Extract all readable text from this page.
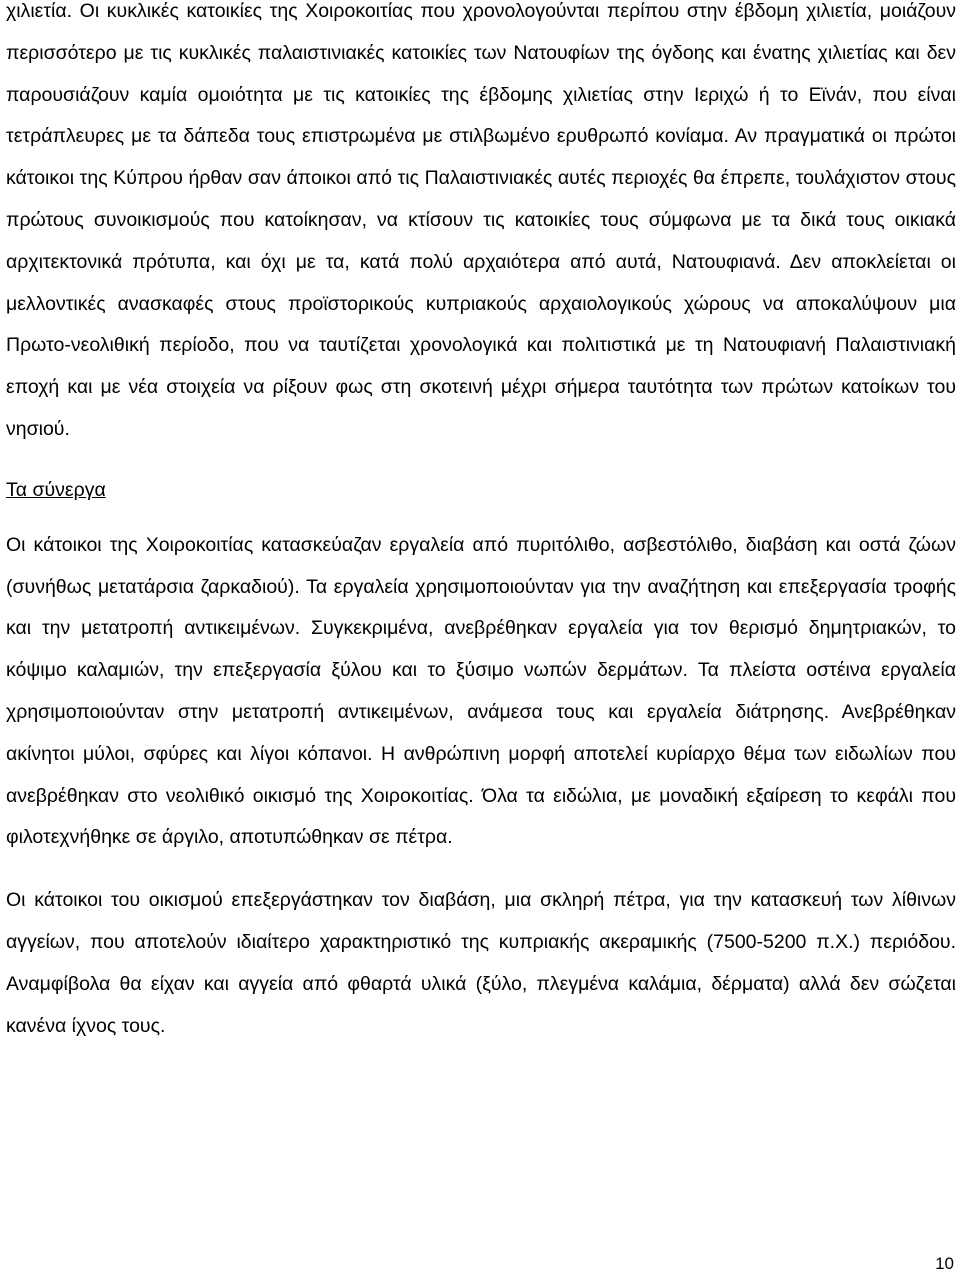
χιλιετία. Οι κυκλικές κατοικίες της Χοιροκοιτίας που χρονολογούνται περίπου στην έβδομη χιλιετία, μοιάζουν περισσότερο με τις κυκλικές παλαιστινιακές κατοικίες των Νατουφίων της όγδοης και ένατης χιλιετίας και δεν παρουσιάζουν καμία ομοιότητα με τις κατοικίες της έβδομης χιλιετίας στην Ιεριχώ ή το Εϊνάν, που είναι τετράπλευρες με τα δάπεδα τους επιστρωμένα με στιλβωμένο ερυθρωπό κονίαμα. Αν πραγματικά οι πρώτοι κάτοικοι της Κύπρου ήρθαν σαν άποικοι από τις Παλαιστινιακές αυτές περιοχές θα έπρεπε, τουλάχιστον στους πρώτους συνοικισμούς που κατοίκησαν, να κτίσουν τις κατοικίες τους σύμφωνα με τα δικά τους οικιακά αρχιτεκτονικά πρότυπα, και όχι με τα, κατά πολύ αρχαιότερα από αυτά, Νατουφιανά. Δεν αποκλείεται οι μελλοντικές ανασκαφές στους προϊστορικούς κυπριακούς αρχαιολογικούς χώρους να αποκαλύψουν μια Πρωτο-νεολιθική περίοδο, που να ταυτίζεται χρονολογικά και πολιτιστικά με τη Νατουφιανή Παλαιστινιακή εποχή και με νέα στοιχεία να ρίξουν φως στη σκοτεινή μέχρι σήμερα ταυτότητα των πρώτων κατοίκων του νησιού.

Τα σύνεργα

Οι κάτοικοι της Χοιροκοιτίας κατασκεύαζαν εργαλεία από πυριτόλιθο, ασβεστόλιθο, διαβάση και οστά ζώων (συνήθως μετατάρσια ζαρκαδιού). Τα εργαλεία χρησιμοποιούνταν για την αναζήτηση και επεξεργασία τροφής και την μετατροπή αντικειμένων. Συγκεκριμένα, ανεβρέθηκαν εργαλεία για τον θερισμό δημητριακών, το κόψιμο καλαμιών, την επεξεργασία ξύλου και το ξύσιμο νωπών δερμάτων. Τα πλείστα οστέινα εργαλεία χρησιμοποιούνταν στην μετατροπή αντικειμένων, ανάμεσα τους και εργαλεία διάτρησης. Ανεβρέθηκαν ακίνητοι μύλοι, σφύρες και λίγοι κόπανοι. Η ανθρώπινη μορφή αποτελεί κυρίαρχο θέμα των ειδωλίων που ανεβρέθηκαν στο νεολιθικό οικισμό της Χοιροκοιτίας. Όλα τα ειδώλια, με μοναδική εξαίρεση το κεφάλι που φιλοτεχνήθηκε σε άργιλο, αποτυπώθηκαν σε πέτρα.

Οι κάτοικοι του οικισμού επεξεργάστηκαν τον διαβάση, μια σκληρή πέτρα, για την κατασκευή των λίθινων αγγείων, που αποτελούν ιδιαίτερο χαρακτηριστικό της κυπριακής ακεραμικής (7500-5200 π.Χ.) περιόδου. Αναμφίβολα θα είχαν και αγγεία από φθαρτά υλικά (ξύλο, πλεγμένα καλάμια, δέρματα) αλλά δεν σώζεται κανένα ίχνος τους.

10
